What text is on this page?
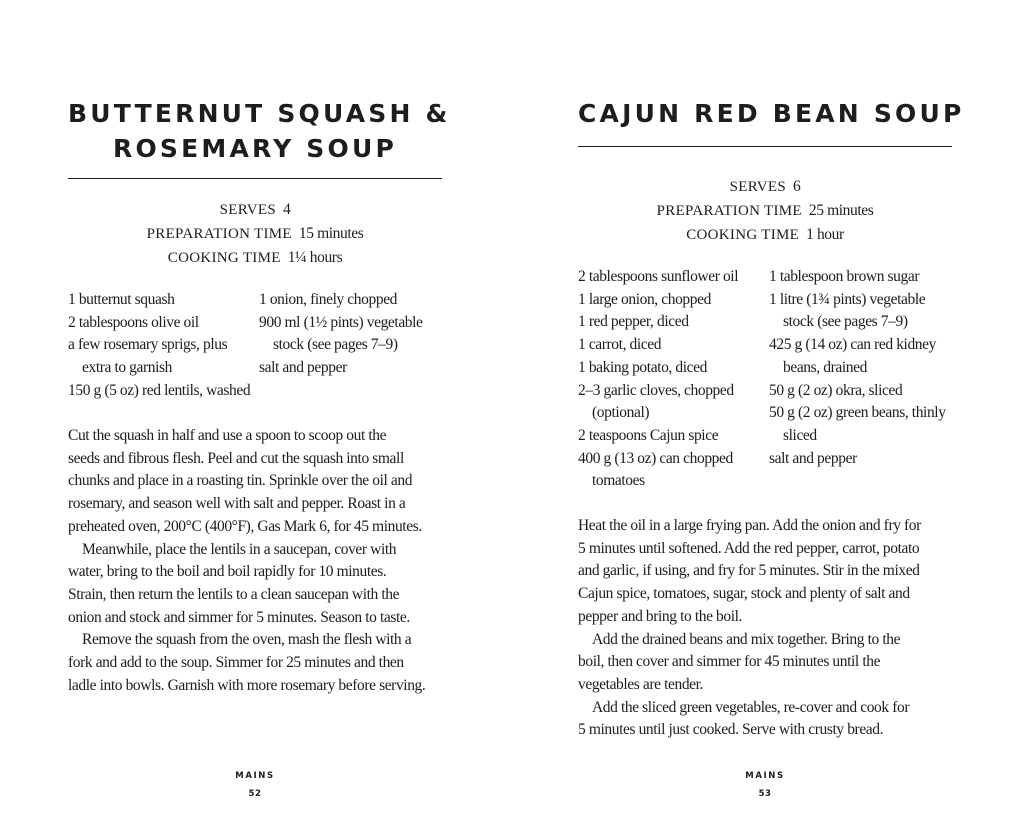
BUTTERNUT SQUASH &
ROSEMARY SOUP
SERVES 4
PREPARATION TIME 15 minutes
COOKING TIME 1¼ hours
1 butternut squash
2 tablespoons olive oil
a few rosemary sprigs, plus
extra to garnish
150 g (5 oz) red lentils, washed
1 onion, finely chopped
900 ml (1½ pints) vegetable
stock (see pages 7–9)
salt and pepper
Cut the squash in half and use a spoon to scoop out the
seeds and fibrous flesh. Peel and cut the squash into small
chunks and place in a roasting tin. Sprinkle over the oil and
rosemary, and season well with salt and pepper. Roast in a
preheated oven, 200°C (400°F), Gas Mark 6, for 45 minutes.
Meanwhile, place the lentils in a saucepan, cover with
water, bring to the boil and boil rapidly for 10 minutes.
Strain, then return the lentils to a clean saucepan with the
onion and stock and simmer for 5 minutes. Season to taste.
Remove the squash from the oven, mash the flesh with a
fork and add to the soup. Simmer for 25 minutes and then
ladle into bowls. Garnish with more rosemary before serving.
MAINS
52
CAJUN RED BEAN SOUP
SERVES 6
PREPARATION TIME 25 minutes
COOKING TIME 1 hour
2 tablespoons sunflower oil
1 large onion, chopped
1 red pepper, diced
1 carrot, diced
1 baking potato, diced
2–3 garlic cloves, chopped
(optional)
2 teaspoons Cajun spice
400 g (13 oz) can chopped
tomatoes
1 tablespoon brown sugar
1 litre (1¾ pints) vegetable
stock (see pages 7–9)
425 g (14 oz) can red kidney
beans, drained
50 g (2 oz) okra, sliced
50 g (2 oz) green beans, thinly
sliced
salt and pepper
Heat the oil in a large frying pan. Add the onion and fry for
5 minutes until softened. Add the red pepper, carrot, potato
and garlic, if using, and fry for 5 minutes. Stir in the mixed
Cajun spice, tomatoes, sugar, stock and plenty of salt and
pepper and bring to the boil.
Add the drained beans and mix together. Bring to the
boil, then cover and simmer for 45 minutes until the
vegetables are tender.
Add the sliced green vegetables, re-cover and cook for
5 minutes until just cooked. Serve with crusty bread.
MAINS
53
